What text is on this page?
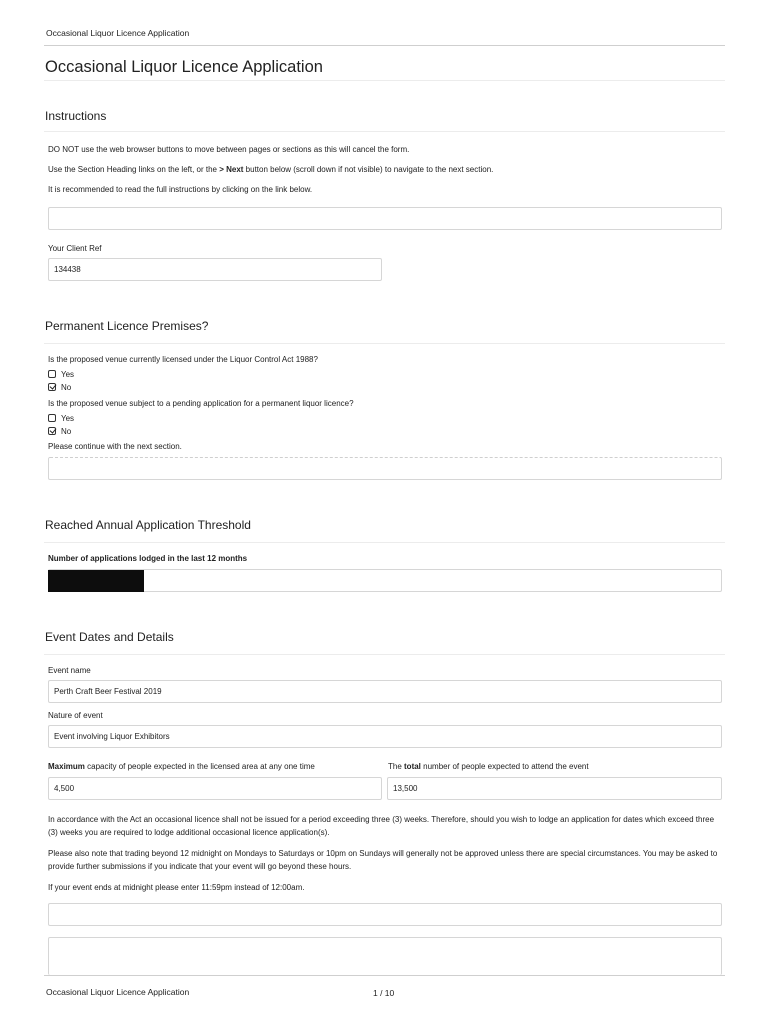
Occasional Liquor Licence Application
Occasional Liquor Licence Application
Instructions
DO NOT use the web browser buttons to move between pages or sections as this will cancel the form.
Use the Section Heading links on the left, or the > Next button below (scroll down if not visible) to navigate to the next section.
It is recommended to read the full instructions by clicking on the link below.
Your Client Ref
134438
Permanent Licence Premises?
Is the proposed venue currently licensed under the Liquor Control Act 1988?
Yes
No
Is the proposed venue subject to a pending application for a permanent liquor licence?
Yes
No
Please continue with the next section.
Reached Annual Application Threshold
Number of applications lodged in the last 12 months
Event Dates and Details
Event name
Perth Craft Beer Festival 2019
Nature of event
Event involving Liquor Exhibitors
Maximum capacity of people expected in the licensed area at any one time
4,500
The total number of people expected to attend the event
13,500
In accordance with the Act an occasional licence shall not be issued for a period exceeding three (3) weeks. Therefore, should you wish to lodge an application for dates which exceed three (3) weeks you are required to lodge additional occasional licence application(s).
Please also note that trading beyond 12 midnight on Mondays to Saturdays or 10pm on Sundays will generally not be approved unless there are special circumstances. You may be asked to provide further submissions if you indicate that your event will go beyond these hours.
If your event ends at midnight please enter 11:59pm instead of 12:00am.
Occasional Liquor Licence Application	1 / 10
